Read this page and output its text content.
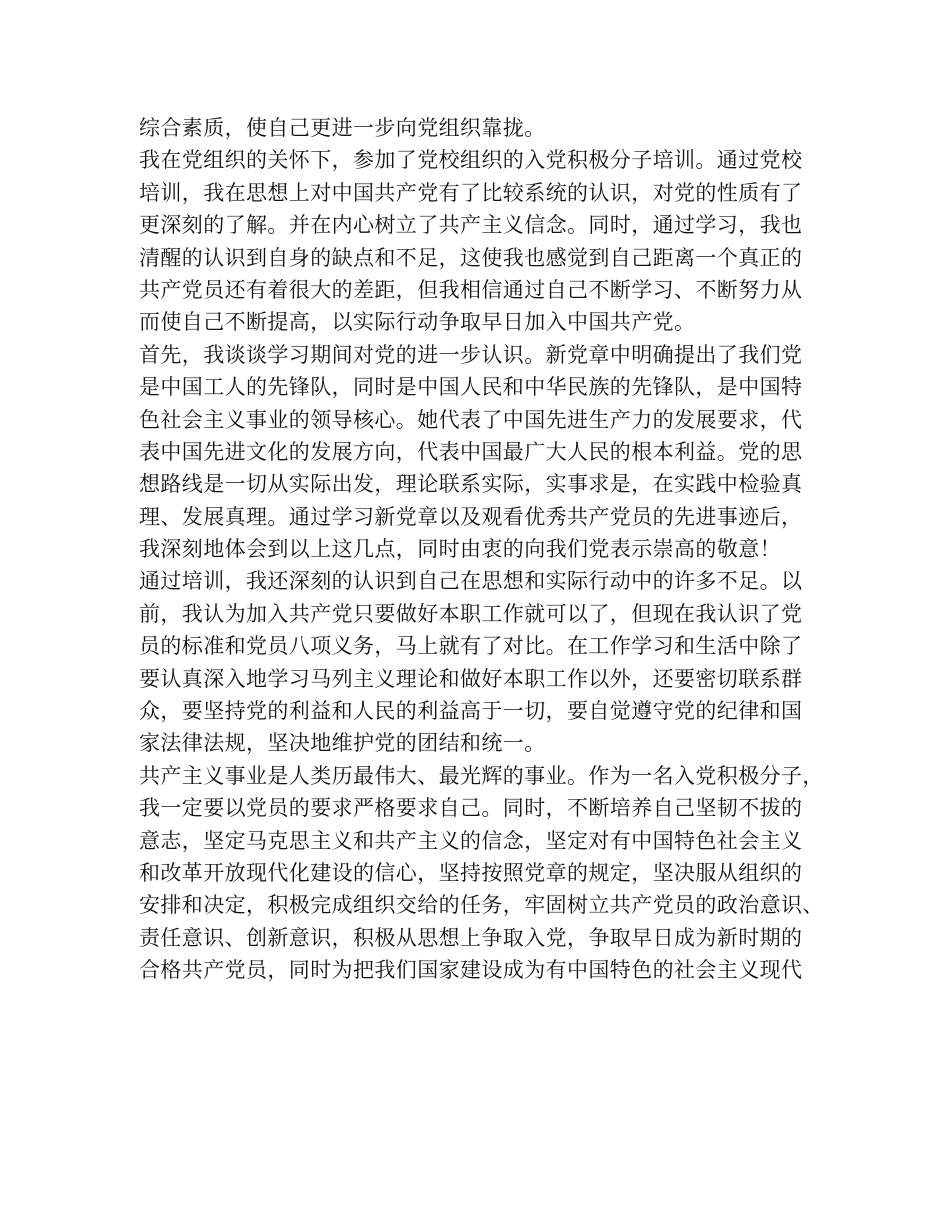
综合素质，使自己更进一步向党组织靠拢。
我在党组织的关怀下，参加了党校组织的入党积极分子培训。通过党校
培训，我在思想上对中国共产党有了比较系统的认识，对党的性质有了
更深刻的了解。并在内心树立了共产主义信念。同时，通过学习，我也
清醒的认识到自身的缺点和不足，这使我也感觉到自己距离一个真正的
共产党员还有着很大的差距，但我相信通过自己不断学习、不断努力从
而使自己不断提高，以实际行动争取早日加入中国共产党。
首先，我谈谈学习期间对党的进一步认识。新党章中明确提出了我们党
是中国工人的先锋队，同时是中国人民和中华民族的先锋队，是中国特
色社会主义事业的领导核心。她代表了中国先进生产力的发展要求，代
表中国先进文化的发展方向，代表中国最广大人民的根本利益。党的思
想路线是一切从实际出发，理论联系实际，实事求是，在实践中检验真
理、发展真理。通过学习新党章以及观看优秀共产党员的先进事迹后，
我深刻地体会到以上这几点，同时由衷的向我们党表示崇高的敬意！
通过培训，我还深刻的认识到自己在思想和实际行动中的许多不足。以
前，我认为加入共产党只要做好本职工作就可以了，但现在我认识了党
员的标准和党员八项义务，马上就有了对比。在工作学习和生活中除了
要认真深入地学习马列主义理论和做好本职工作以外，还要密切联系群
众，要坚持党的利益和人民的利益高于一切，要自觉遵守党的纪律和国
家法律法规，坚决地维护党的团结和统一。
共产主义事业是人类历最伟大、最光辉的事业。作为一名入党积极分子，
我一定要以党员的要求严格要求自己。同时，不断培养自己坚韧不拔的
意志，坚定马克思主义和共产主义的信念，坚定对有中国特色社会主义
和改革开放现代化建设的信心，坚持按照党章的规定，坚决服从组织的
安排和决定，积极完成组织交给的任务，牢固树立共产党员的政治意识、
责任意识、创新意识，积极从思想上争取入党，争取早日成为新时期的
合格共产党员，同时为把我们国家建设成为有中国特色的社会主义现代
